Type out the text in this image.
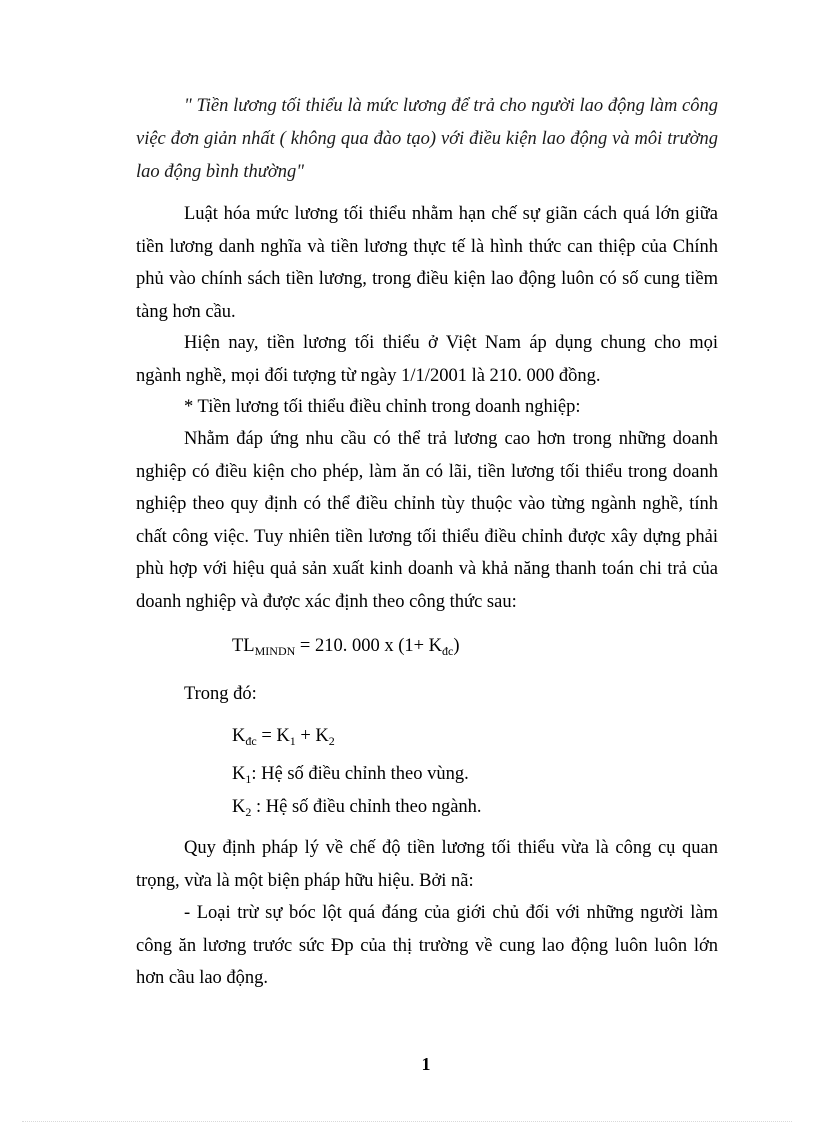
" Tiền lương tối thiểu là mức lương để trả cho người lao động làm công việc đơn giản nhất ( không qua đào tạo) với điều kiện lao động và môi trường lao động bình thường"

Luật hóa mức lương tối thiểu nhằm hạn chế sự giãn cách quá lớn giữa tiền lương danh nghĩa và tiền lương thực tế là hình thức can thiệp của Chính phủ vào chính sách tiền lương, trong điều kiện lao động luôn có số cung tiềm tàng hơn cầu.

Hiện nay, tiền lương tối thiểu ở Việt Nam áp dụng chung cho mọi ngành nghề, mọi đối tượng từ ngày 1/1/2001 là 210. 000 đồng.

* Tiền lương tối thiểu điều chỉnh trong doanh nghiệp:

Nhằm đáp ứng nhu cầu có thể trả lương cao hơn trong những doanh nghiệp có điều kiện cho phép, làm ăn có lãi, tiền lương tối thiểu trong doanh nghiệp theo quy định có thể điều chỉnh tùy thuộc vào từng ngành nghề, tính chất công việc. Tuy nhiên tiền lương tối thiểu điều chỉnh được xây dựng phải phù hợp với hiệu quả sản xuất kinh doanh và khả năng thanh toán chi trả của doanh nghiệp và được xác định theo công thức sau:

$TL_{MINDN} = 210$. 000 x $(1+ K_{đc})$
Trong đó:
$K_{đc} = K_1 + K_2$
$K_1$: Hệ số điều chỉnh theo vùng.
$K_2$ : Hệ số điều chỉnh theo ngành.

Quy định pháp lý về chế độ tiền lương tối thiểu vừa là công cụ quan trọng, vừa là một biện pháp hữu hiệu. Bởi nã:

- Loại trừ sự bóc lột quá đáng của giới chủ đối với những người làm công ăn lương trước sức Ðp của thị trường về cung lao động luôn luôn lớn hơn cầu lao động.

1
